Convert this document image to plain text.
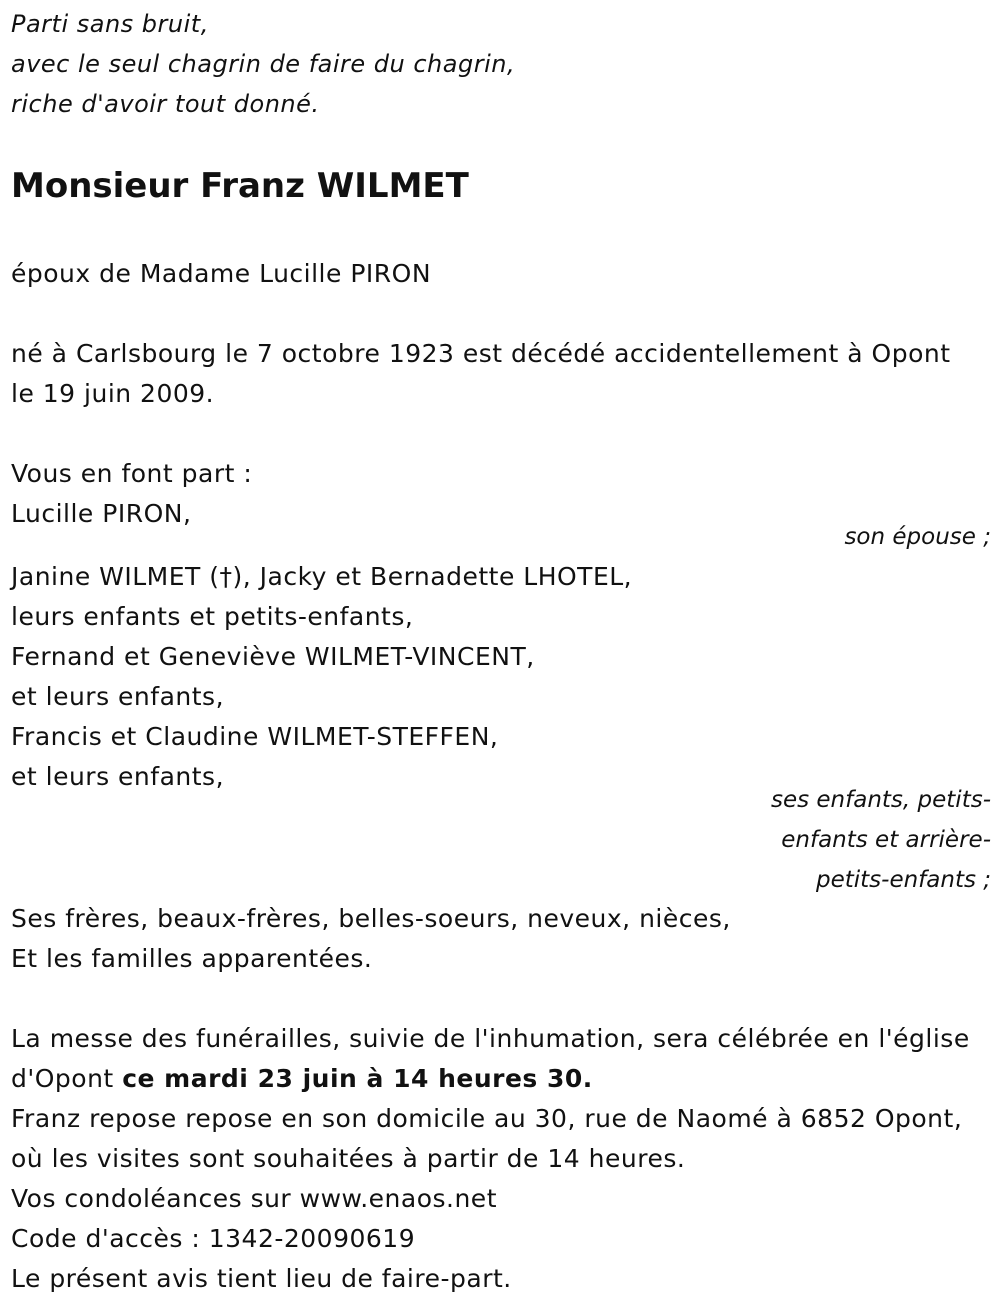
Parti sans bruit,
avec le seul chagrin de faire du chagrin,
riche d'avoir tout donné.
Monsieur Franz WILMET
époux de Madame Lucille PIRON
né à Carlsbourg le 7 octobre 1923 est décédé accidentellement à Opont
le 19 juin 2009.
Vous en font part :
Lucille PIRON,
son épouse ;
Janine WILMET (†), Jacky et Bernadette LHOTEL,
leurs enfants et petits-enfants,
Fernand et Geneviève WILMET-VINCENT,
et leurs enfants,
Francis et Claudine WILMET-STEFFEN,
et leurs enfants,
ses enfants, petits-
enfants et arrière-
petits-enfants ;
Ses frères, beaux-frères, belles-soeurs, neveux, nièces,
Et les familles apparentées.
La messe des funérailles, suivie de l'inhumation, sera célébrée en l'église
d'Opont ce mardi 23 juin à 14 heures 30.
Franz repose repose en son domicile au 30, rue de Naomé à 6852 Opont,
où les visites sont souhaitées à partir de 14 heures.
Vos condoléances sur www.enaos.net
Code d'accès : 1342-20090619
Le présent avis tient lieu de faire-part.
